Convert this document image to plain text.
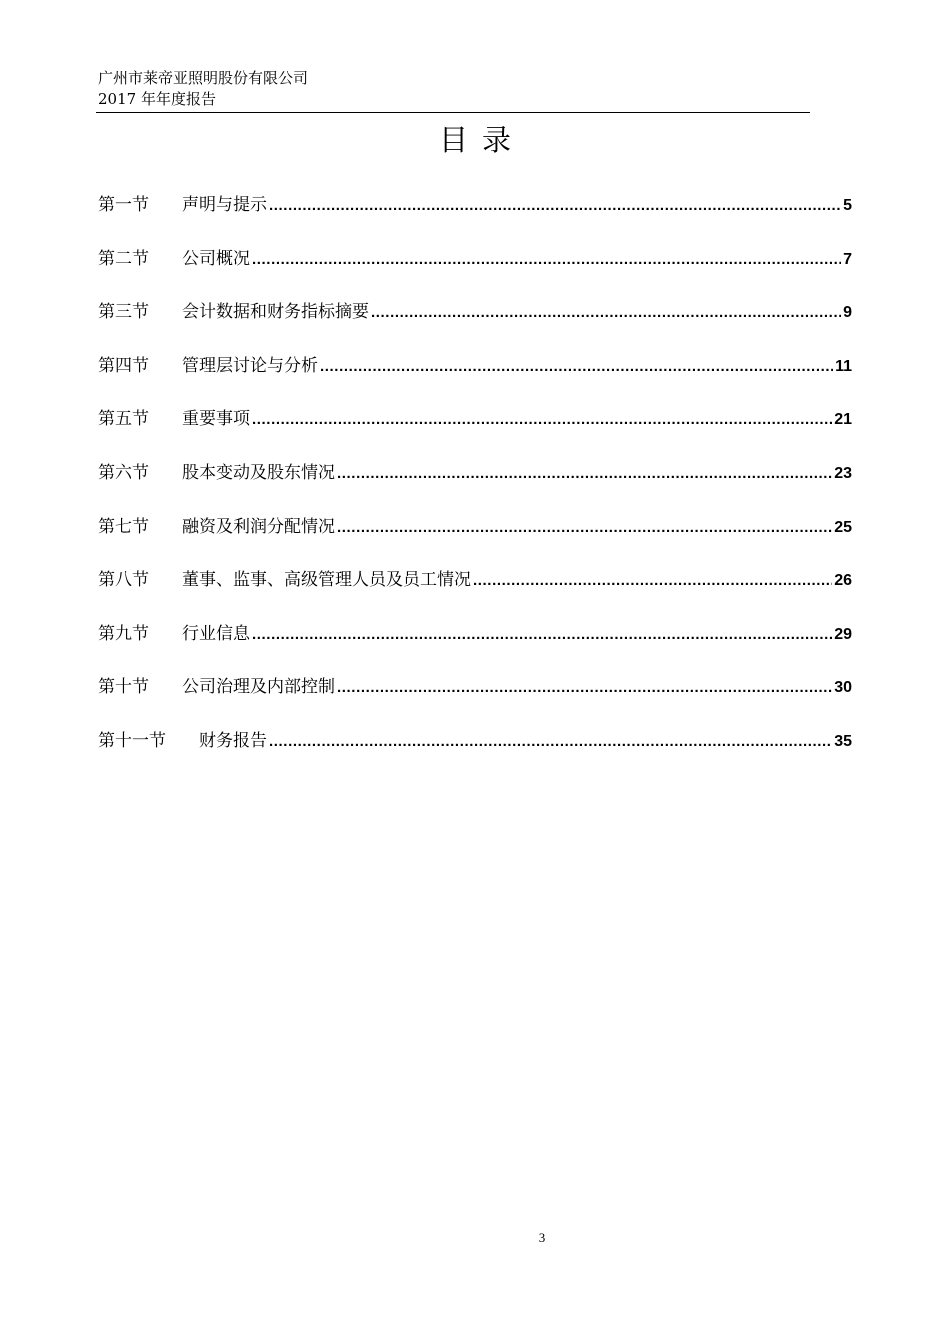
广州市莱帝亚照明股份有限公司
2017 年年度报告
目录
第一节	声明与提示 .....	5
第二节	公司概况 .....	7
第三节	会计数据和财务指标摘要 .....	9
第四节	管理层讨论与分析 .....	11
第五节	重要事项 .....	21
第六节	股本变动及股东情况 .....	23
第七节	融资及利润分配情况 .....	25
第八节	董事、监事、高级管理人员及员工情况 .....	26
第九节	行业信息 .....	29
第十节	公司治理及内部控制 .....	30
第十一节	财务报告 .....	35
3
